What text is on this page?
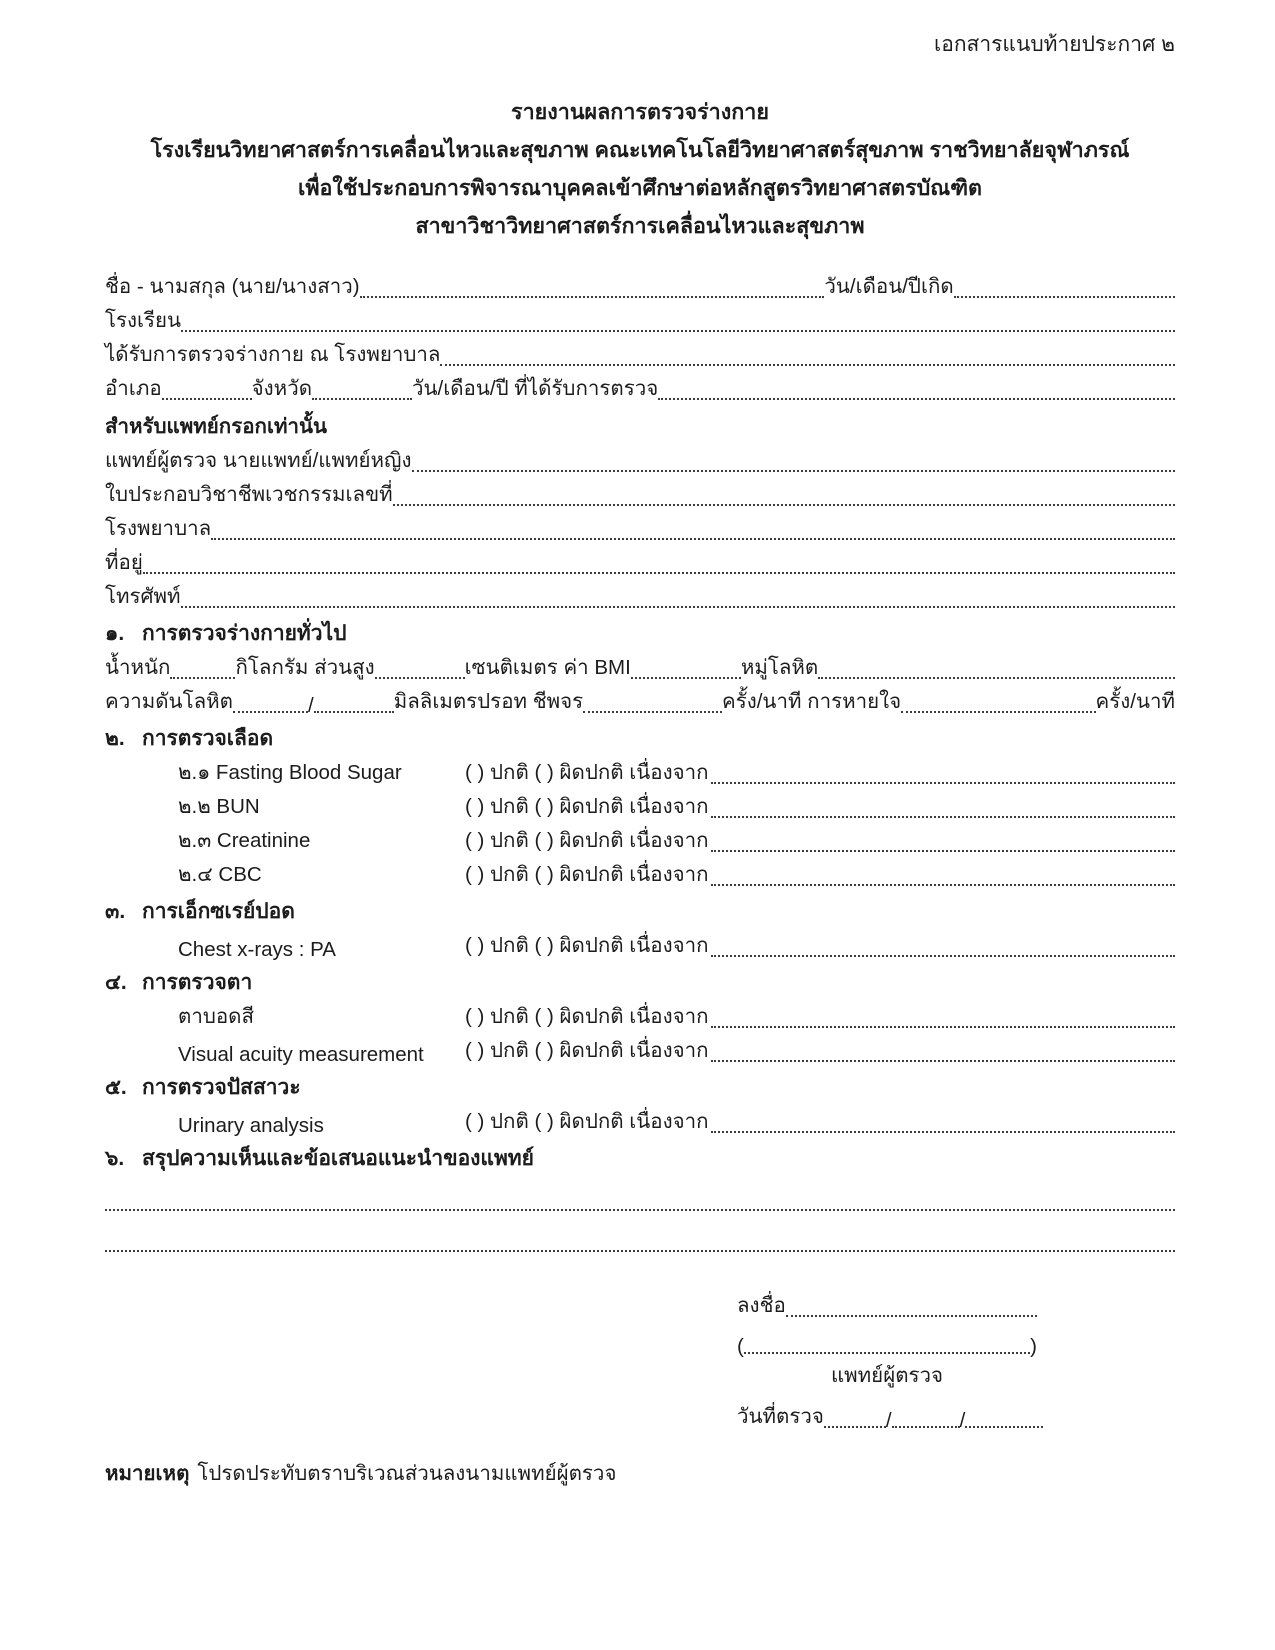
เอกสารแนบท้ายประกาศ ๒
รายงานผลการตรวจร่างกาย
โรงเรียนวิทยาศาสตร์การเคลื่อนไหวและสุขภาพ คณะเทคโนโลยีวิทยาศาสตร์สุขภาพ ราชวิทยาลัยจุฬาภรณ์
เพื่อใช้ประกอบการพิจารณาบุคคลเข้าศึกษาต่อหลักสูตรวิทยาศาสตรบัณฑิต
สาขาวิชาวิทยาศาสตร์การเคลื่อนไหวและสุขภาพ
ชื่อ - นามสกุล (นาย/นางสาว)	วัน/เดือน/ปีเกิด
โรงเรียน
ได้รับการตรวจร่างกาย ณ โรงพยาบาล
อำเภอ	จังหวัด	วัน/เดือน/ปี ที่ได้รับการตรวจ
สำหรับแพทย์กรอกเท่านั้น
แพทย์ผู้ตรวจ นายแพทย์/แพทย์หญิง
ใบประกอบวิชาชีพเวชกรรมเลขที่
โรงพยาบาล
ที่อยู่
โทรศัพท์
๑. การตรวจร่างกายทั่วไป
น้ำหนัก	กิโลกรัม ส่วนสูง	เซนติเมตร ค่า BMI	หมู่โลหิต
ความดันโลหิต	/	มิลลิเมตรปรอท ชีพจร	ครั้ง/นาที การหายใจ	ครั้ง/นาที
๒. การตรวจเลือด
๒.๑ Fasting Blood Sugar	( ) ปกติ ( ) ผิดปกติ เนื่องจาก
๒.๒ BUN	( ) ปกติ ( ) ผิดปกติ เนื่องจาก
๒.๓ Creatinine	( ) ปกติ ( ) ผิดปกติ เนื่องจาก
๒.๔ CBC	( ) ปกติ ( ) ผิดปกติ เนื่องจาก
๓. การเอ็กซเรย์ปอด
Chest x-rays : PA	( ) ปกติ ( ) ผิดปกติ เนื่องจาก
๔. การตรวจตา
ตาบอดสี	( ) ปกติ ( ) ผิดปกติ เนื่องจาก
Visual acuity measurement	( ) ปกติ ( ) ผิดปกติ เนื่องจาก
๕. การตรวจปัสสาวะ
Urinary analysis	( ) ปกติ ( ) ผิดปกติ เนื่องจาก
๖. สรุปความเห็นและข้อเสนอแนะนำของแพทย์
ลงชื่อ
(	)
แพทย์ผู้ตรวจ
วันที่ตรวจ	/	/
หมายเหตุ โปรดประทับตราบริเวณส่วนลงนามแพทย์ผู้ตรวจ
